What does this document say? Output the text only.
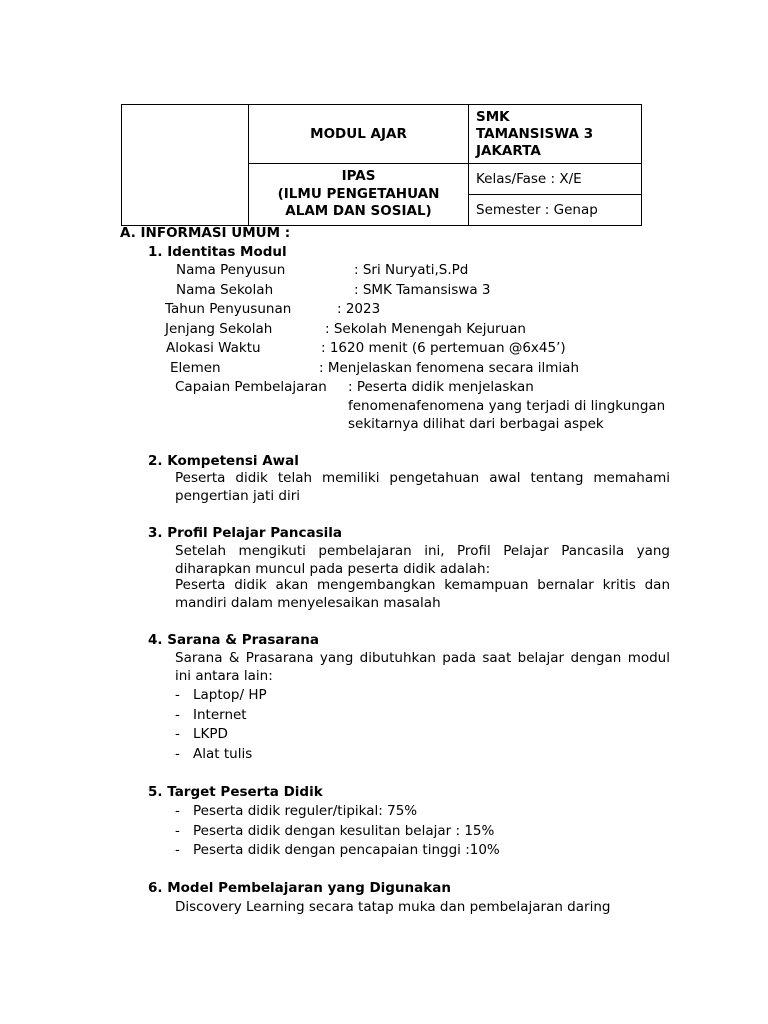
	MODUL AJAR	SMK
TAMANSISWA 3
JAKARTA

	IPAS
(ILMU PENGETAHUAN
ALAM DAN SOSIAL)	Kelas/Fase : X/E
		Semester : Genap
A. INFORMASI UMUM :
1. Identitas Modul
Nama Penyusun	: Sri Nuryati,S.Pd
Nama Sekolah	: SMK Tamansiswa 3
Tahun Penyusunan	: 2023
Jenjang Sekolah	: Sekolah Menengah Kejuruan
Alokasi Waktu	: 1620 menit (6 pertemuan @6x45’)
Elemen	: Menjelaskan fenomena secara ilmiah
Capaian Pembelajaran : Peserta didik menjelaskan
fenomenafenomena yang terjadi di lingkungan sekitarnya dilihat dari berbagai aspek
2. Kompetensi Awal
Peserta didik telah memiliki pengetahuan awal tentang memahami pengertian jati diri
3. Profil Pelajar Pancasila
Setelah mengikuti pembelajaran ini, Profil Pelajar Pancasila yang diharapkan muncul pada peserta didik adalah:
Peserta didik akan mengembangkan kemampuan bernalar kritis dan mandiri dalam menyelesaikan masalah
4. Sarana & Prasarana
Sarana & Prasarana yang dibutuhkan pada saat belajar dengan modul ini antara lain:
- Laptop/ HP
- Internet
- LKPD
- Alat tulis
5. Target Peserta Didik
- Peserta didik reguler/tipikal: 75%
- Peserta didik dengan kesulitan belajar : 15%
- Peserta didik dengan pencapaian tinggi :10%
6. Model Pembelajaran yang Digunakan
Discovery Learning secara tatap muka dan pembelajaran daring
